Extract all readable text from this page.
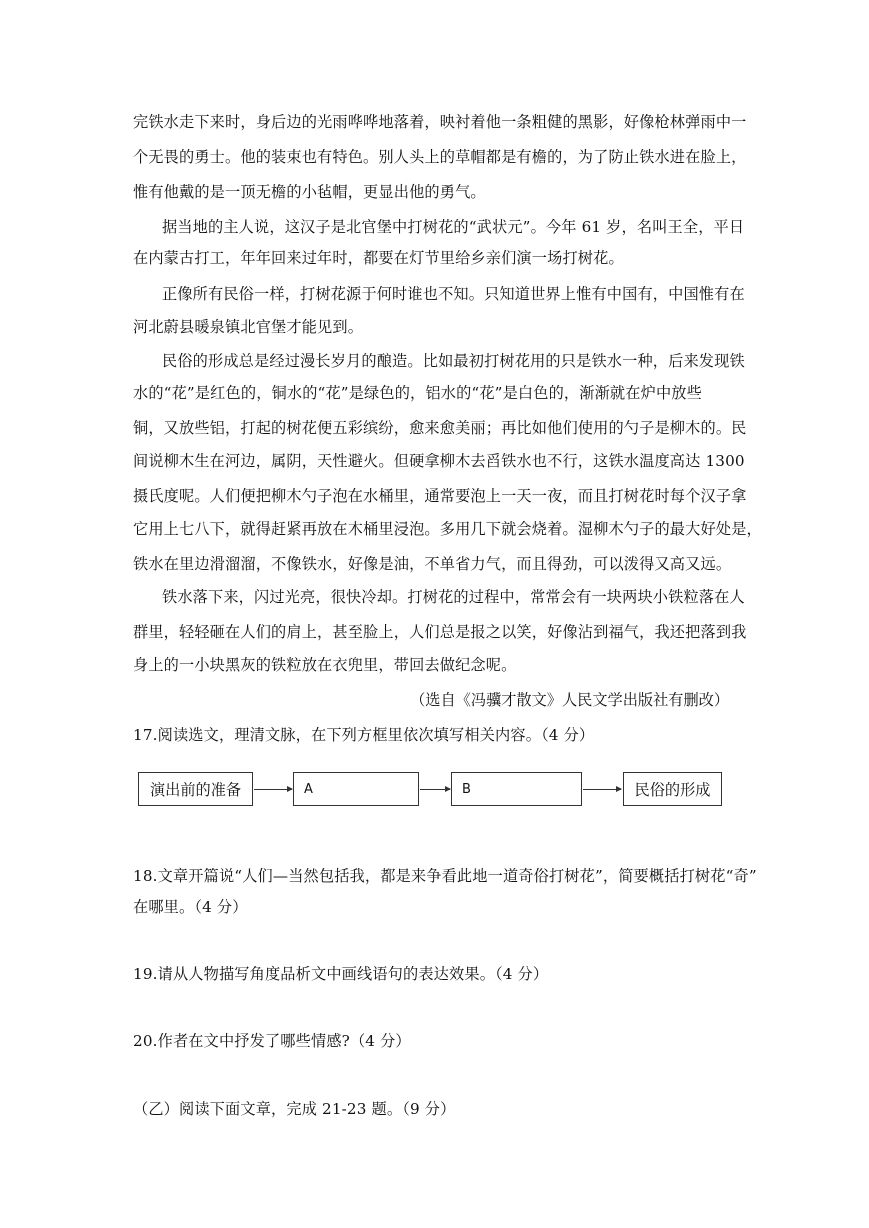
完铁水走下来时，身后边的光雨哗哗地落着，映衬着他一条粗健的黑影，好像枪林弹雨中一
个无畏的勇士。他的装束也有特色。别人头上的草帽都是有檐的，为了防止铁水进在脸上，
惟有他戴的是一顶无檐的小毡帽，更显出他的勇气。
据当地的主人说，这汉子是北官堡中打树花的“武状元”。今年 61 岁，名叫王全，平日
在内蒙古打工，年年回来过年时，都要在灯节里给乡亲们演一场打树花。
正像所有民俗一样，打树花源于何时谁也不知。只知道世界上惟有中国有，中国惟有在
河北蔚县暖泉镇北官堡才能见到。
民俗的形成总是经过漫长岁月的酿造。比如最初打树花用的只是铁水一种，后来发现铁
水的“花”是红色的，铜水的“花”是绿色的，铝水的“花”是白色的，渐渐就在炉中放些
铜，又放些铝，打起的树花便五彩缤纷，愈来愈美丽；再比如他们使用的勺子是柳木的。民
间说柳木生在河边，属阴，天性避火。但硬拿柳木去舀铁水也不行，这铁水温度高达 1300
摄氏度呢。人们便把柳木勺子泡在水桶里，通常要泡上一天一夜，而且打树花时每个汉子拿
它用上七八下，就得赶紧再放在木桶里浸泡。多用几下就会烧着。湿柳木勺子的最大好处是，
铁水在里边滑溜溜，不像铁水，好像是油，不单省力气，而且得劲，可以泼得又高又远。
铁水落下来，闪过光亮，很快冷却。打树花的过程中，常常会有一块两块小铁粒落在人
群里，轻轻砸在人们的肩上，甚至脸上，人们总是报之以笑，好像沾到福气，我还把落到我
身上的一小块黑灰的铁粒放在衣兜里，带回去做纪念呢。
（选自《冯骥才散文》人民文学出版社有删改）
17.阅读选文，理清文脉，在下列方框里依次填写相关内容。（4 分）
演出前的准备	A	B	民俗的形成
18.文章开篇说“人们—当然包括我，都是来争看此地一道奇俗打树花”，简要概括打树花“奇”
在哪里。（4 分）
19.请从人物描写角度品析文中画线语句的表达效果。（4 分）
20.作者在文中抒发了哪些情感?（4 分）
（乙）阅读下面文章，完成 21-23 题。（9 分）
